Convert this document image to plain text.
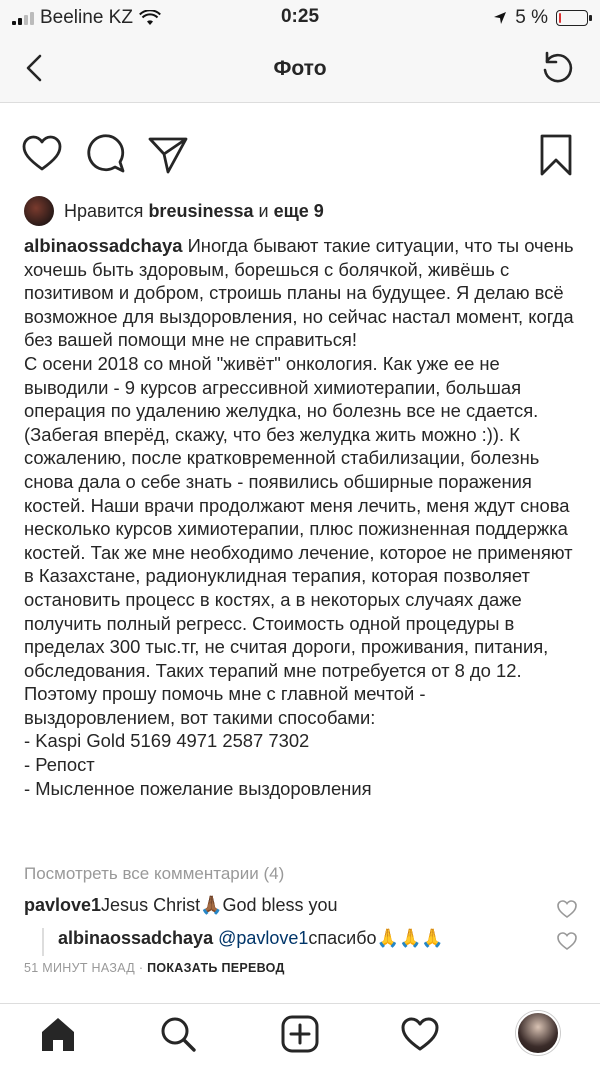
Beeline KZ	0:25	5 %
Фото
Нравится breusinessa и еще 9

albinaossadchaya Иногда бывают такие ситуации, что ты очень хочешь быть здоровым, борешься с болячкой, живёшь с позитивом и добром, строишь планы на будущее. Я делаю всё возможное для выздоровления, но сейчас настал момент, когда без вашей помощи мне не справиться!

С осени 2018 со мной "живёт" онкология. Как уже ее не выводили - 9 курсов агрессивной химиотерапии, большая операция по удалению желудка, но болезнь все не сдается. (Забегая вперёд, скажу, что без желудка жить можно :)). К сожалению, после кратковременной стабилизации, болезнь снова дала о себе знать - появились обширные поражения костей. Наши врачи продолжают меня лечить, меня ждут снова несколько курсов химиотерапии, плюс пожизненная поддержка костей. Так же мне необходимо лечение, которое не применяют в Казахстане, радионуклидная терапия, которая позволяет остановить процесс в костях, а в некоторых случаях даже получить полный регресс. Стоимость одной процедуры в пределах 300 тыс.тг, не считая дороги, проживания, питания, обследования. Таких терапий мне потребуется от 8 до 12.

Поэтому прошу помочь мне с главной мечтой - выздоровлением, вот такими способами:

- Kaspi Gold 5169 4971 2587 7302

- Репост

- Мысленное пожелание выздоровления

Посмотреть все комментарии (4)
pavlove1 Jesus Christ 🙏🏾 God bless you
albinaossadchaya
@pavlove1 спасибо 🙏🙏🙏
51 МИНУТ НАЗАД · ПОКАЗАТЬ ПЕРЕВОД
